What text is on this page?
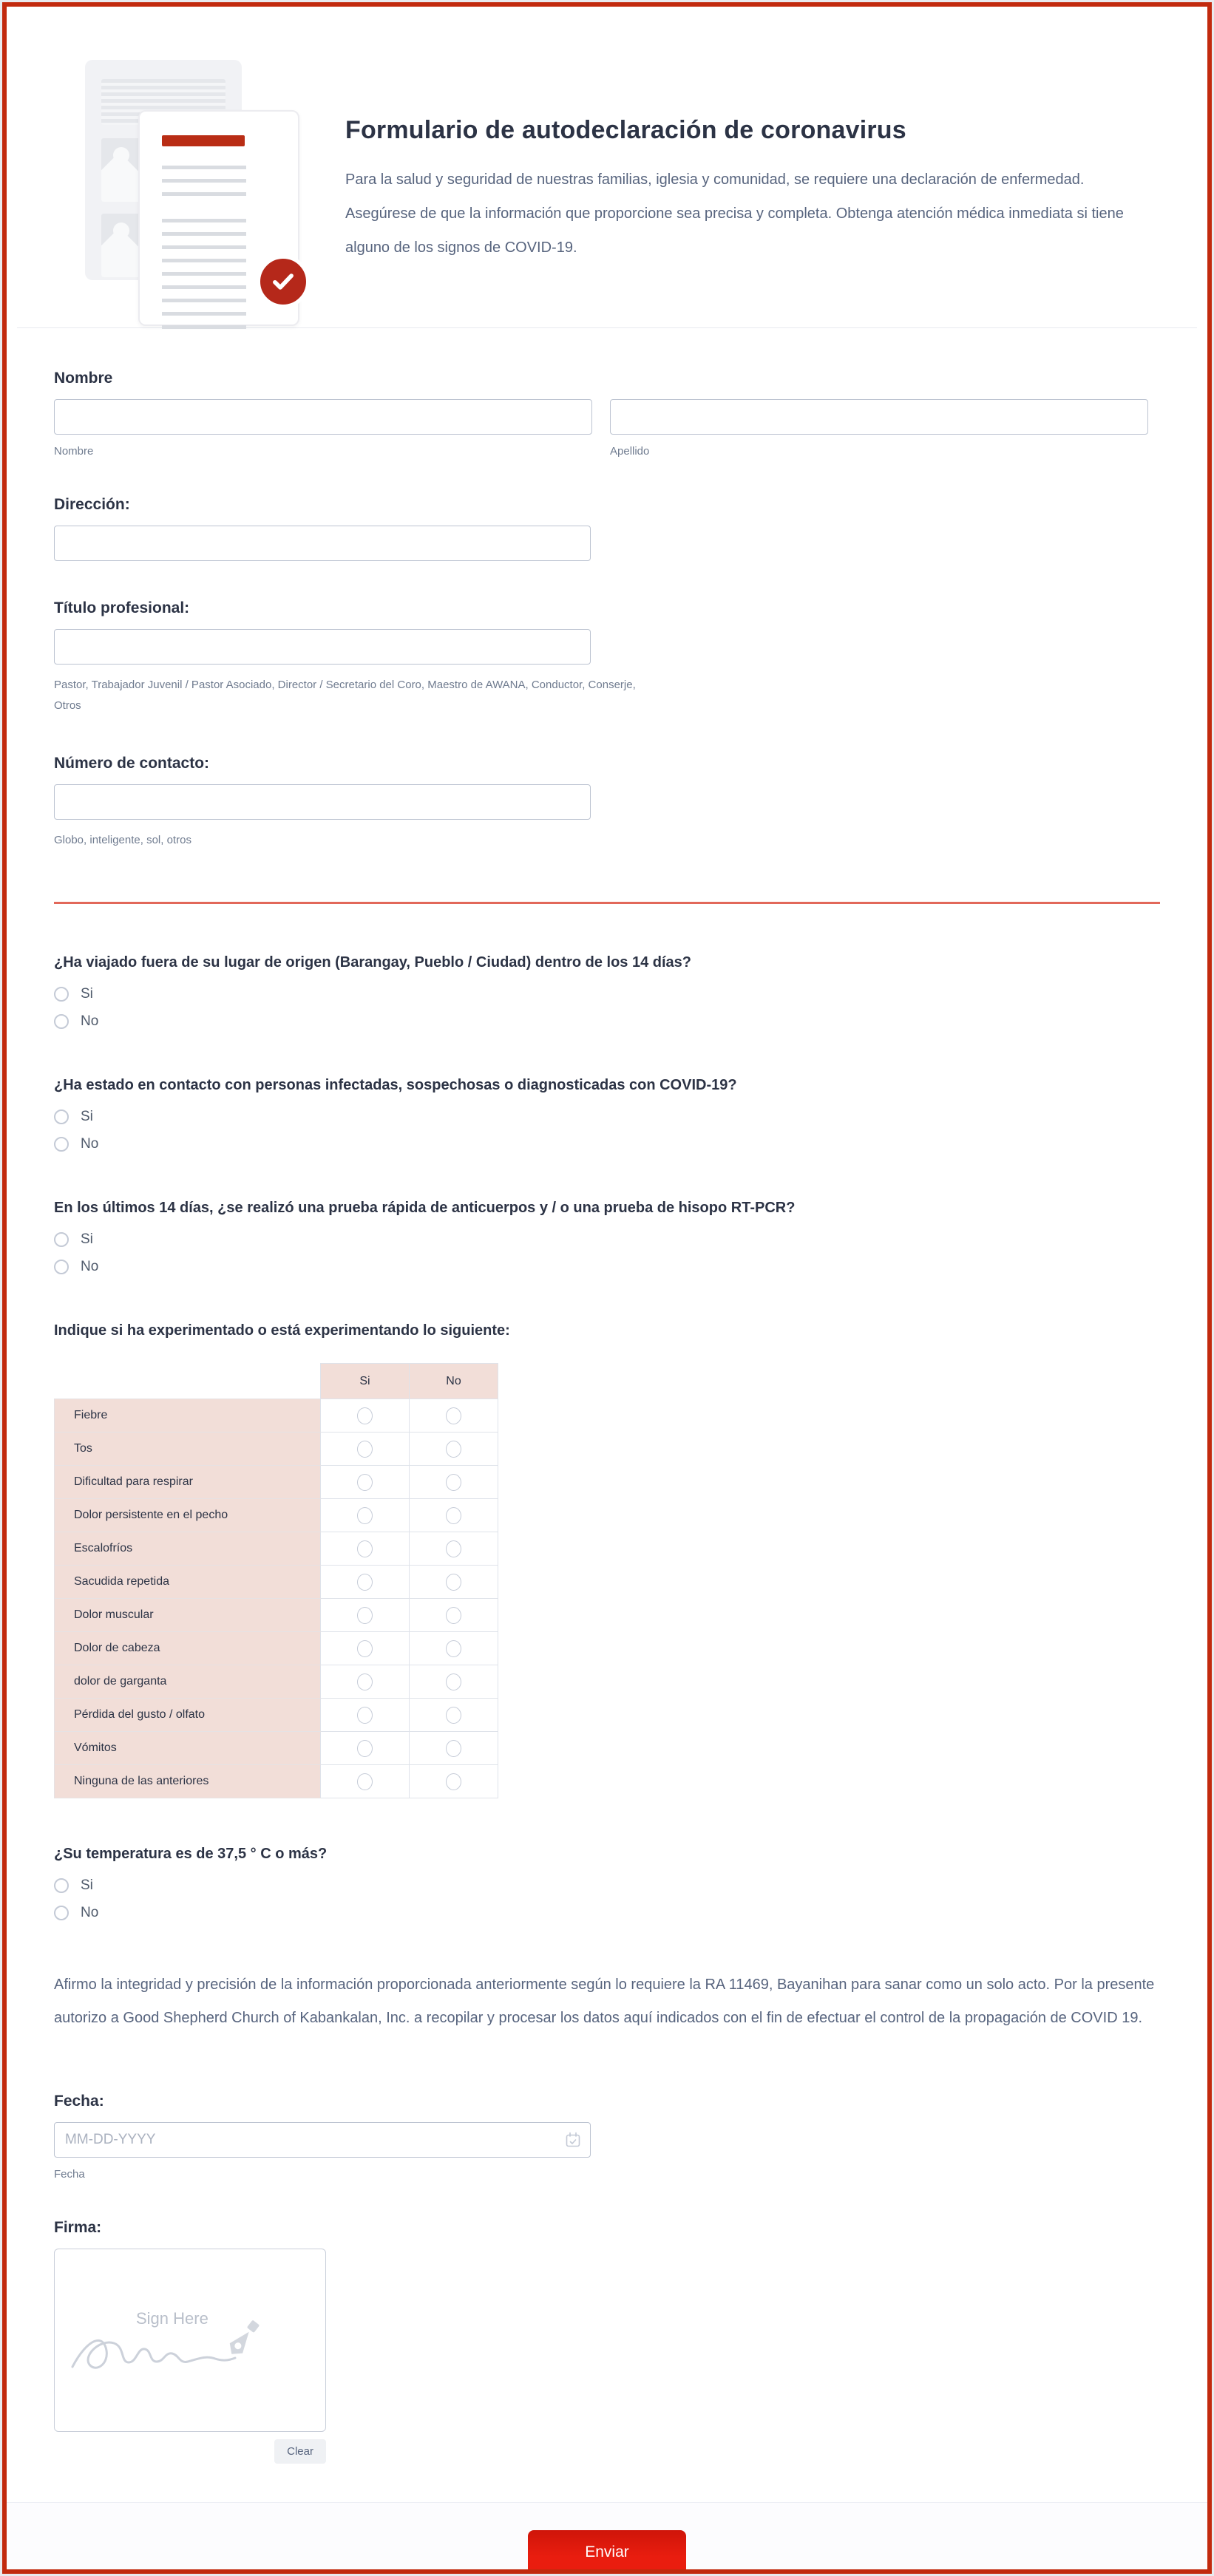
Formulario de autodeclaración de coronavirus

Para la salud y seguridad de nuestras familias, iglesia y comunidad, se requiere una declaración de enfermedad. Asegúrese de que la información que proporcione sea precisa y completa. Obtenga atención médica inmediata si tiene alguno de los signos de COVID-19.

Nombre
Nombre	Apellido
Dirección:
Título profesional:
Pastor, Trabajador Juvenil / Pastor Asociado, Director / Secretario del Coro, Maestro de AWANA, Conductor, Conserje, Otros
Número de contacto:
Globo, inteligente, sol, otros
¿Ha viajado fuera de su lugar de origen (Barangay, Pueblo / Ciudad) dentro de los 14 días?
Si
No
¿Ha estado en contacto con personas infectadas, sospechosas o diagnosticadas con COVID-19?
Si
No
En los últimos 14 días, ¿se realizó una prueba rápida de anticuerpos y / o una prueba de hisopo RT-PCR?
Si
No
Indique si ha experimentado o está experimentando lo siguiente:
	Si	No
Fiebre	

Tos	

Dificultad para respirar	

Dolor persistente en el pecho	

Escalofríos	

Sacudida repetida	

Dolor muscular	

Dolor de cabeza	

dolor de garganta	

Pérdida del gusto / olfato	

Vómitos	

Ninguna de las anteriores	

¿Su temperatura es de 37,5 ° C o más?
Si
No

Afirmo la integridad y precisión de la información proporcionada anteriormente según lo requiere la RA 11469, Bayanihan para sanar como un solo acto. Por la presente autorizo a Good Shepherd Church of Kabankalan, Inc. a recopilar y procesar los datos aquí indicados con el fin de efectuar el control de la propagación de COVID 19.

Fecha:
MM-DD-YYYY
Fecha
Firma:
Sign Here
Clear
Enviar
